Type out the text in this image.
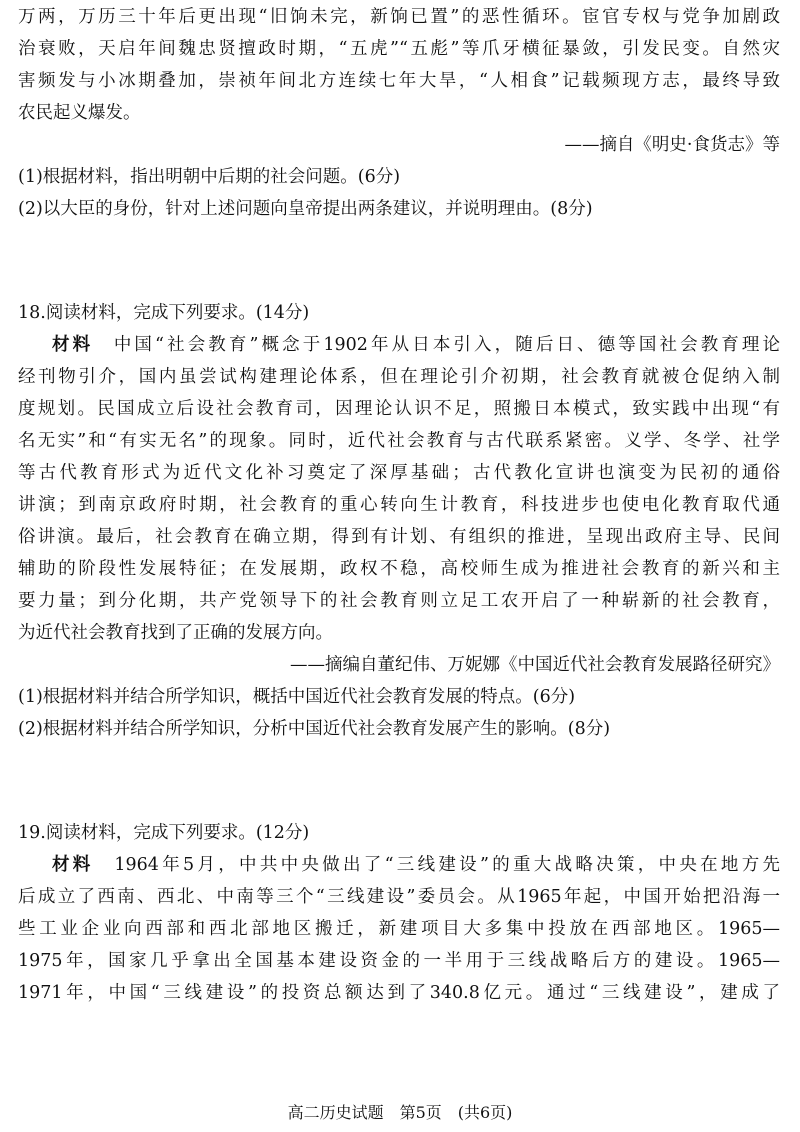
万两，万历三十年后更出现“旧饷未完，新饷已置”的恶性循环。宦官专权与党争加剧政
治衰败，天启年间魏忠贤擅政时期，“五虎”“五彪”等爪牙横征暴敛，引发民变。自然灾
害频发与小冰期叠加，崇祯年间北方连续七年大旱，“人相食”记载频现方志，最终导致
农民起义爆发。
——摘自《明史·食货志》等
(1)根据材料，指出明朝中后期的社会问题。(6分)
(2)以大臣的身份，针对上述问题向皇帝提出两条建议，并说明理由。(8分)
18.阅读材料，完成下列要求。(14分)
材料　 中国“社会教育”概念于1902年从日本引入，随后日、德等国社会教育理论
经刊物引介，国内虽尝试构建理论体系，但在理论引介初期，社会教育就被仓促纳入制
度规划。民国成立后设社会教育司，因理论认识不足，照搬日本模式，致实践中出现“有
名无实”和“有实无名”的现象。同时，近代社会教育与古代联系紧密。义学、冬学、社学
等古代教育形式为近代文化补习奠定了深厚基础；古代教化宣讲也演变为民初的通俗
讲演；到南京政府时期，社会教育的重心转向生计教育，科技进步也使电化教育取代通
俗讲演。最后，社会教育在确立期，得到有计划、有组织的推进，呈现出政府主导、民间
辅助的阶段性发展特征；在发展期，政权不稳，高校师生成为推进社会教育的新兴和主
要力量；到分化期，共产党领导下的社会教育则立足工农开启了一种崭新的社会教育，
为近代社会教育找到了正确的发展方向。
——摘编自董纪伟、万妮娜《中国近代社会教育发展路径研究》
(1)根据材料并结合所学知识，概括中国近代社会教育发展的特点。(6分)
(2)根据材料并结合所学知识，分析中国近代社会教育发展产生的影响。(8分)
19.阅读材料，完成下列要求。(12分)
材料　 1964年5月，中共中央做出了“三线建设”的重大战略决策，中央在地方先
后成立了西南、西北、中南等三个“三线建设”委员会。从1965年起，中国开始把沿海一
些工业企业向西部和西北部地区搬迁，新建项目大多集中投放在西部地区。1965—
1975年，国家几乎拿出全国基本建设资金的一半用于三线战略后方的建设。1965—
1971年，中国“三线建设”的投资总额达到了340.8亿元。通过“三线建设”，建成了
高二历史试题　第5页　(共6页)
